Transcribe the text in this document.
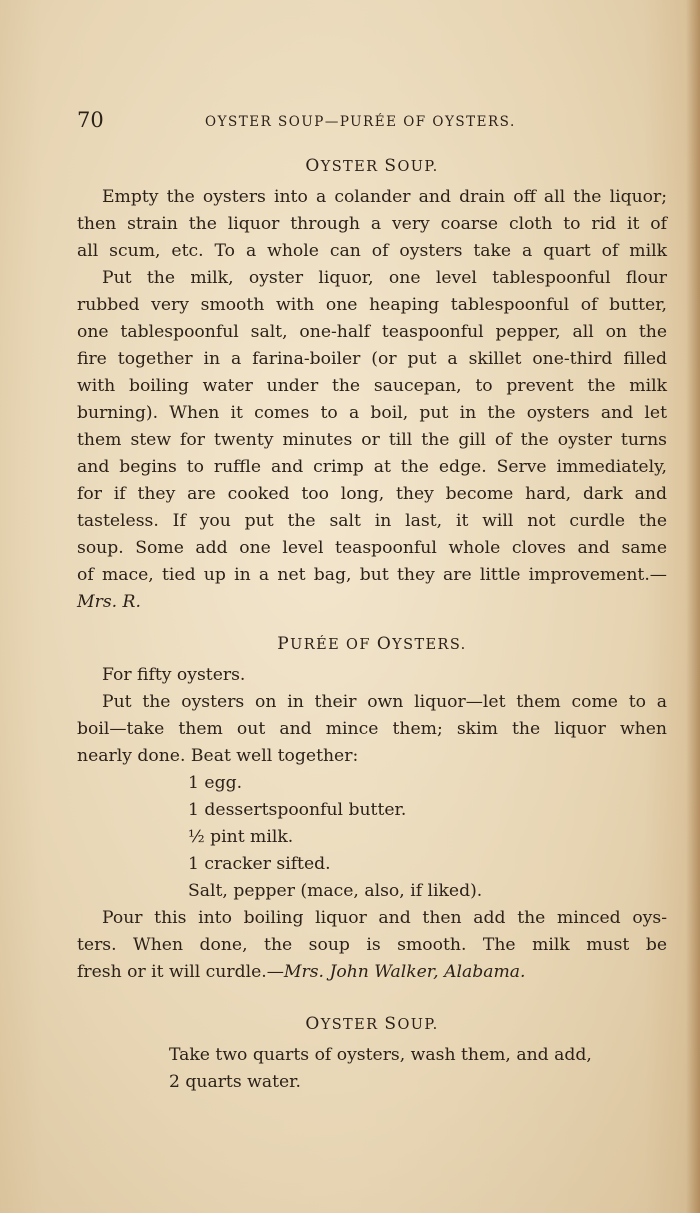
70	OYSTER SOUP—PURÉE OF OYSTERS.
OYSTER SOUP.
Empty the oysters into a colander and drain off all the liquor;
then strain the liquor through a very coarse cloth to rid it of
all scum, etc. To a whole can of oysters take a quart of milk
Put the milk, oyster liquor, one level tablespoonful flour
rubbed very smooth with one heaping tablespoonful of butter,
one tablespoonful salt, one-half teaspoonful pepper, all on the
fire together in a farina-boiler (or put a skillet one-third filled
with boiling water under the saucepan, to prevent the milk
burning). When it comes to a boil, put in the oysters and let
them stew for twenty minutes or till the gill of the oyster turns
and begins to ruffle and crimp at the edge. Serve immediately,
for if they are cooked too long, they become hard, dark and
tasteless. If you put the salt in last, it will not curdle the
soup. Some add one level teaspoonful whole cloves and same
of mace, tied up in a net bag, but they are little improvement.—
Mrs. R.
PURÉE OF OYSTERS.
For fifty oysters.
Put the oysters on in their own liquor—let them come to a
boil—take them out and mince them; skim the liquor when
nearly done. Beat well together:
1 egg.
1 dessertspoonful butter.
½ pint milk.
1 cracker sifted.
Salt, pepper (mace, also, if liked).
Pour this into boiling liquor and then add the minced oys-
ters. When done, the soup is smooth. The milk must be
fresh or it will curdle.—Mrs. John Walker, Alabama.
OYSTER SOUP.
Take two quarts of oysters, wash them, and add,
2 quarts water.
